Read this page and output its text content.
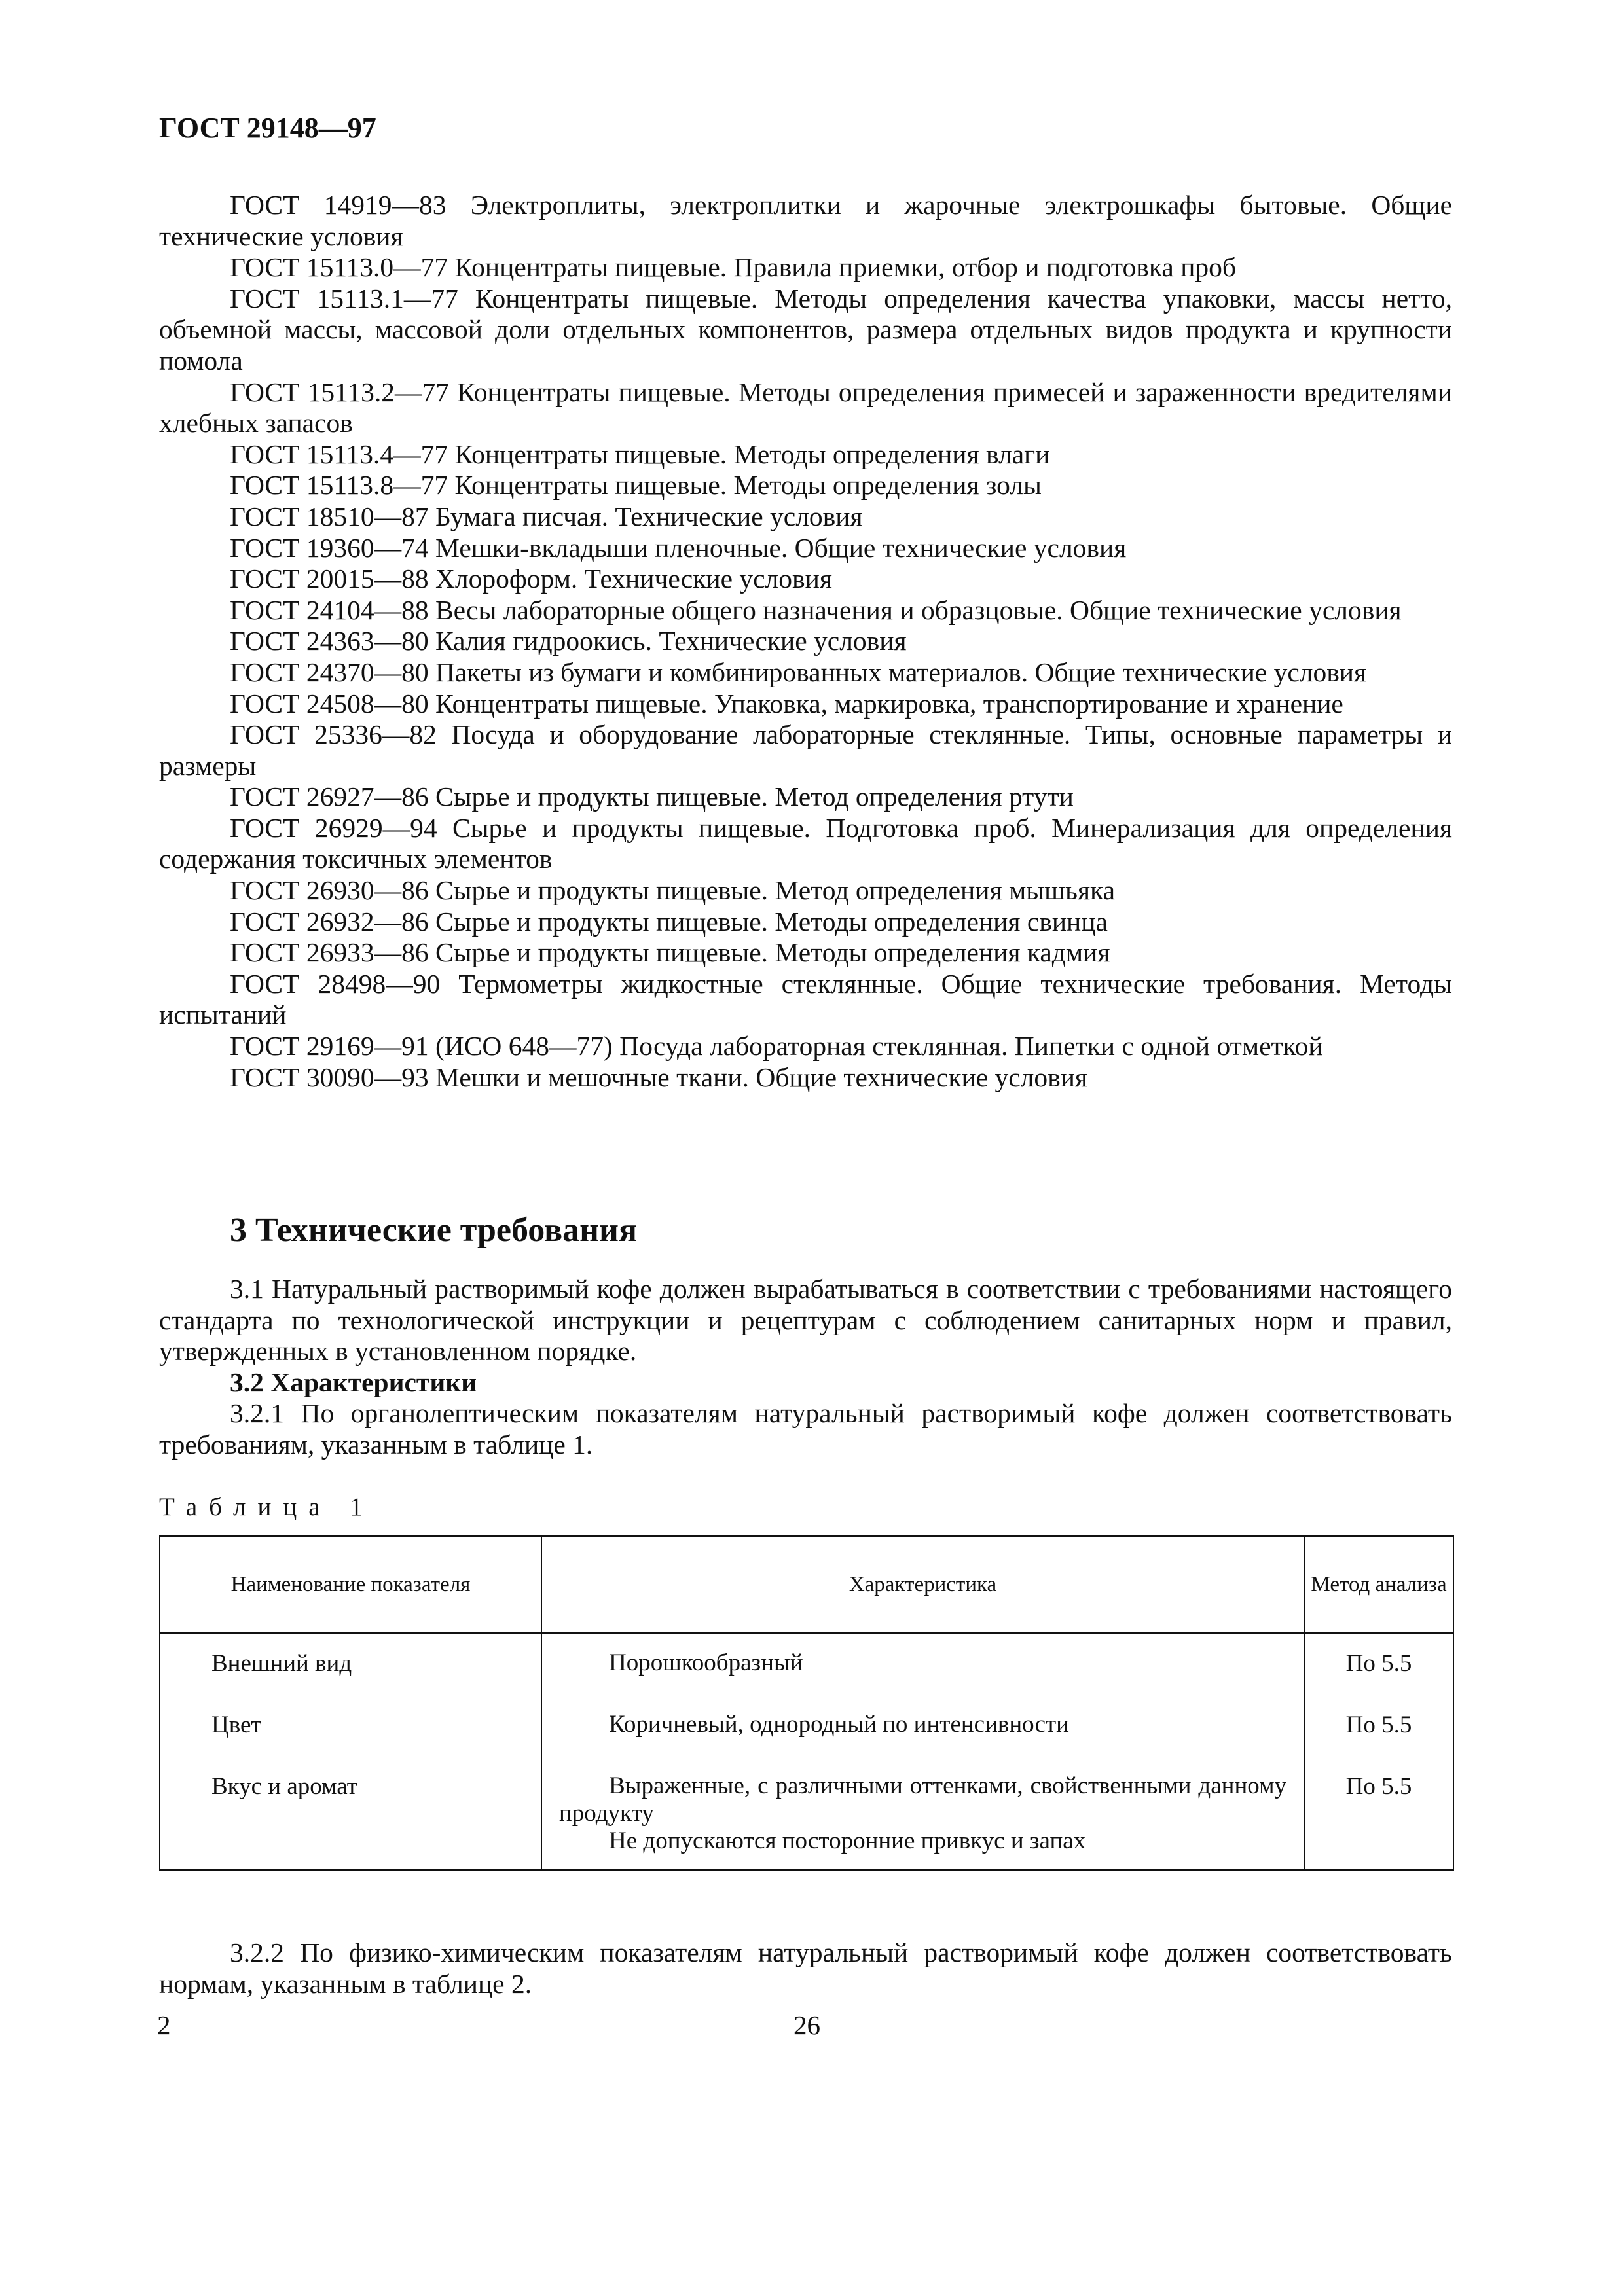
ГОСТ 29148—97
ГОСТ 14919—83 Электроплиты, электроплитки и жарочные электрошкафы бытовые. Общие технические условия
ГОСТ 15113.0—77 Концентраты пищевые. Правила приемки, отбор и подготовка проб
ГОСТ 15113.1—77 Концентраты пищевые. Методы определения качества упаковки, массы нетто, объемной массы, массовой доли отдельных компонентов, размера отдельных видов продукта и крупности помола
ГОСТ 15113.2—77 Концентраты пищевые. Методы определения примесей и зараженности вредителями хлебных запасов
ГОСТ 15113.4—77 Концентраты пищевые. Методы определения влаги
ГОСТ 15113.8—77 Концентраты пищевые. Методы определения золы
ГОСТ 18510—87 Бумага писчая. Технические условия
ГОСТ 19360—74 Мешки-вкладыши пленочные. Общие технические условия
ГОСТ 20015—88 Хлороформ. Технические условия
ГОСТ 24104—88 Весы лабораторные общего назначения и образцовые. Общие технические условия
ГОСТ 24363—80 Калия гидроокись. Технические условия
ГОСТ 24370—80 Пакеты из бумаги и комбинированных материалов. Общие технические условия
ГОСТ 24508—80 Концентраты пищевые. Упаковка, маркировка, транспортирование и хранение
ГОСТ 25336—82 Посуда и оборудование лабораторные стеклянные. Типы, основные параметры и размеры
ГОСТ 26927—86 Сырье и продукты пищевые. Метод определения ртути
ГОСТ 26929—94 Сырье и продукты пищевые. Подготовка проб. Минерализация для определения содержания токсичных элементов
ГОСТ 26930—86 Сырье и продукты пищевые. Метод определения мышьяка
ГОСТ 26932—86 Сырье и продукты пищевые. Методы определения свинца
ГОСТ 26933—86 Сырье и продукты пищевые. Методы определения кадмия
ГОСТ 28498—90 Термометры жидкостные стеклянные. Общие технические требования. Методы испытаний
ГОСТ 29169—91 (ИСО 648—77) Посуда лабораторная стеклянная. Пипетки с одной отметкой
ГОСТ 30090—93 Мешки и мешочные ткани. Общие технические условия
3 Технические требования
3.1 Натуральный растворимый кофе должен вырабатываться в соответствии с требованиями настоящего стандарта по технологической инструкции и рецептурам с соблюдением санитарных норм и правил, утвержденных в установленном порядке.
3.2 Характеристики
3.2.1 По органолептическим показателям натуральный растворимый кофе должен соответствовать требованиям, указанным в таблице 1.
Таблица 1
Наименование показателя	Характеристика	Метод анализа
Внешний вид	Порошкообразный	По 5.5
Цвет	Коричневый, однородный по интенсивности	По 5.5
Вкус и аромат	Выраженные, с различными оттенками, свойственными данному продукту
Не допускаются посторонние привкус и запах	По 5.5
3.2.2 По физико-химическим показателям натуральный растворимый кофе должен соответствовать нормам, указанным в таблице 2.
2	26
